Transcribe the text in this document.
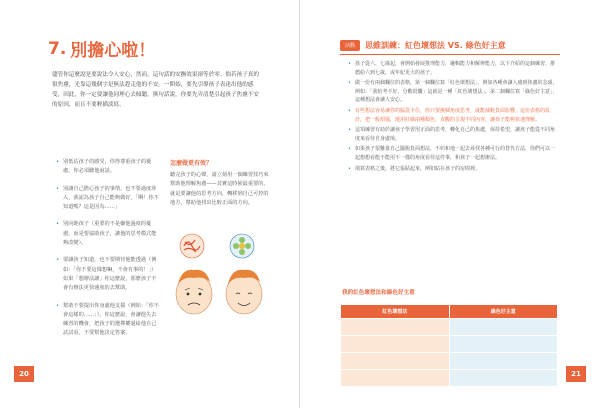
7. 別擔心啦！
儘管你這麼說是要說法令人安心，然而，這句話的安撫效果卻等於零。倘若孩子真的很焦慮，光靠這幾個字是無法趕走他的不安。一開始，要先引導孩子表達出他的感受，因此，你一定要讓他同理心去傾聽，換句話說，你要先弄清楚引起孩子焦慮不安的原因，而且不要輕描淡寫。
• 別低估孩子的感受，你得尊重孩子的憂慮，你必須聽他說話。
• 別讓自己擔心孩子的事情，也不要過度涉入，我認為孩子自己能夠做好。「啊！你不知道嗎？這是因為……」
• 別向她孩子（重要的不是嫌他過度的憂慮，而是要協助孩子，讓他的思考模式能夠改變）。
• 要讓孩子知道，也不要期待他能透過（例如：「你不要這樣想嘛，不會有事的！」）如果「想辦法讓」你這麼說，那麼孩子不會有辦法更快速度的去幫助。
• 幫助不要提出你身處他支援（例如：「你不會這樣的……」），你這麼說，會讓他失去練習的機會，把孩子的選擇權還給他自己試試看，不要幫他決定答案。
怎麼做更有效？
聽完孩子的心聲，請立刻用一個練習技巧來幫助他理解焦慮——其實這時候最重要的，就是要讓他的思考方向，轉移到自己可控的地方，幫助他找出比較正面的方向。
20
活動	思維訓練：紅色壞想法 VS. 綠色好主意
• 孩子從六、七歲起，會開始發展推理能力，邏輯能力和解辨能力，以下介紹的這個練習，推薦給六到七歲，或年紀更大的孩子。
• 做一份有兩個欄位的表格，第一個欄位寫「紅色壞想法」，例如各種會讓人感到焦慮的念頭，例如：「我怕考不好、分數很爛」這就是一種「紅色壞想法」。第二個欄位寫「綠色好主意」，這種想法會讓人安心。
• 有些想法容易讓你的腦袋卡住，你只要換個角度思考，就能減輕負面影響。這份表格的設計，把一般煩惱，運用紅綠兩種顏色，直觀的呈現不同內容，讓孩子能夠快速理解。
• 這項練習有助於讓孩子學習用正面的思考，轉化自己的焦慮，保持希望，讓孩子能從不同角度來看待自身處境。
• 如果孩子很難靠自己擺脫負面想法，不妨和他一起去尋找各種可行的替代方法，你們可以一起想想看能不能用不一樣的角度看待這件事，和孩子一起想辦法。
• 填寫表格之後，將它張貼起來，例如貼在孩子的房間裡。
我的紅色壞想法和綠色好主意
紅色壞想法	綠色好主意

21
